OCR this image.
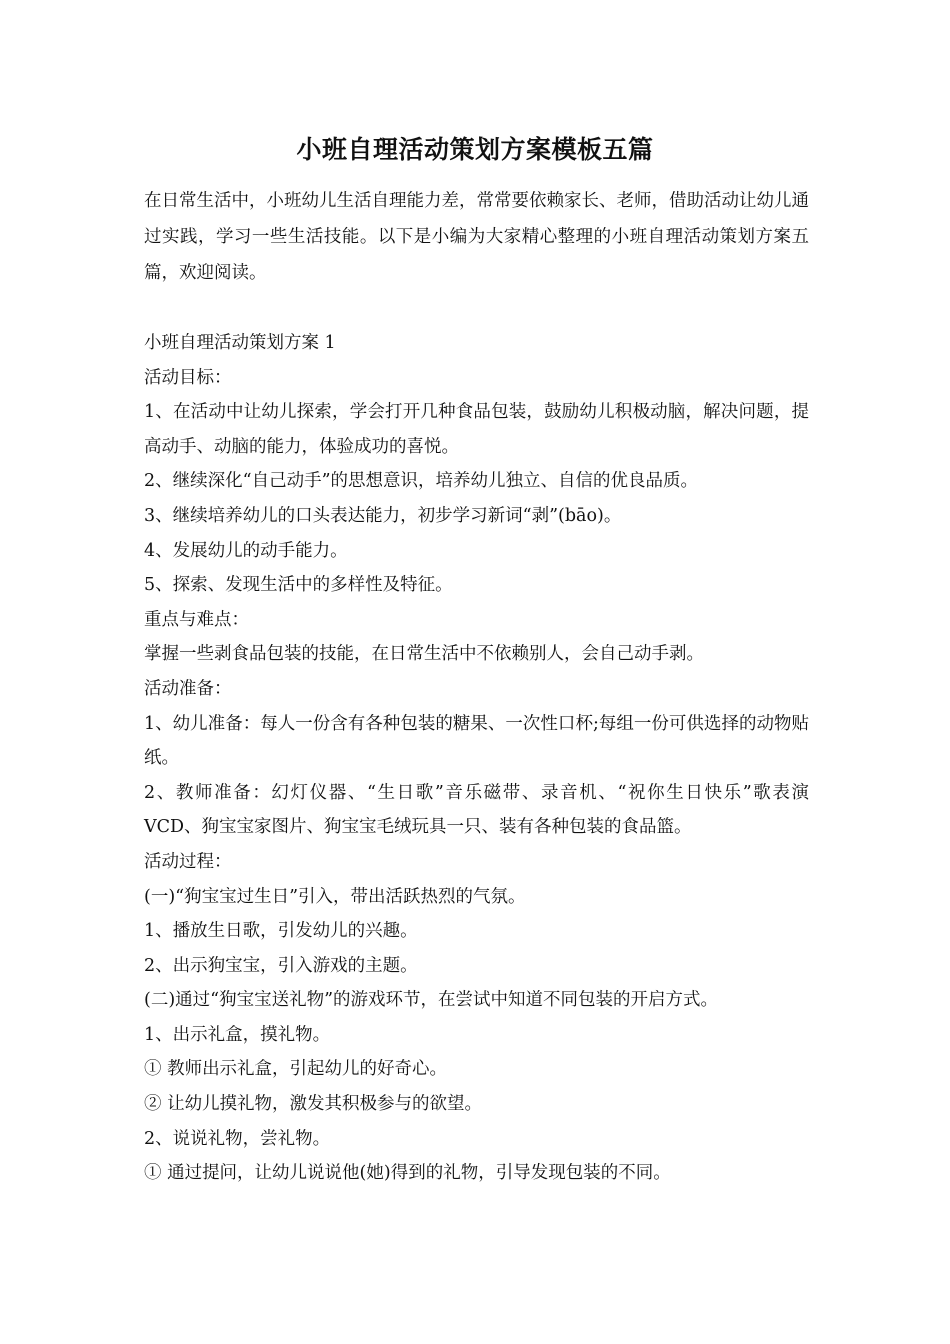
小班自理活动策划方案模板五篇
在日常生活中，小班幼儿生活自理能力差，常常要依赖家长、老师，借助活动让幼儿通过实践，学习一些生活技能。以下是小编为大家精心整理的小班自理活动策划方案五篇，欢迎阅读。

小班自理活动策划方案 1

活动目标：

1、在活动中让幼儿探索，学会打开几种食品包装，鼓励幼儿积极动脑，解决问题，提高动手、动脑的能力，体验成功的喜悦。

2、继续深化“自己动手”的思想意识，培养幼儿独立、自信的优良品质。

3、继续培养幼儿的口头表达能力，初步学习新词“剥”(bāo)。

4、发展幼儿的动手能力。

5、探索、发现生活中的多样性及特征。

重点与难点：

掌握一些剥食品包装的技能，在日常生活中不依赖别人，会自己动手剥。

活动准备：

1、幼儿准备：每人一份含有各种包装的糖果、一次性口杯;每组一份可供选择的动物贴纸。

2、教师准备：幻灯仪器、“生日歌”音乐磁带、录音机、“祝你生日快乐”歌表演 VCD、狗宝宝家图片、狗宝宝毛绒玩具一只、装有各种包装的食品篮。

活动过程：

(一)“狗宝宝过生日”引入，带出活跃热烈的气氛。

1、播放生日歌，引发幼儿的兴趣。

2、出示狗宝宝，引入游戏的主题。

(二)通过“狗宝宝送礼物”的游戏环节，在尝试中知道不同包装的开启方式。

1、出示礼盒，摸礼物。

① 教师出示礼盒，引起幼儿的好奇心。

② 让幼儿摸礼物，激发其积极参与的欲望。

2、说说礼物，尝礼物。

① 通过提问，让幼儿说说他(她)得到的礼物，引导发现包装的不同。
